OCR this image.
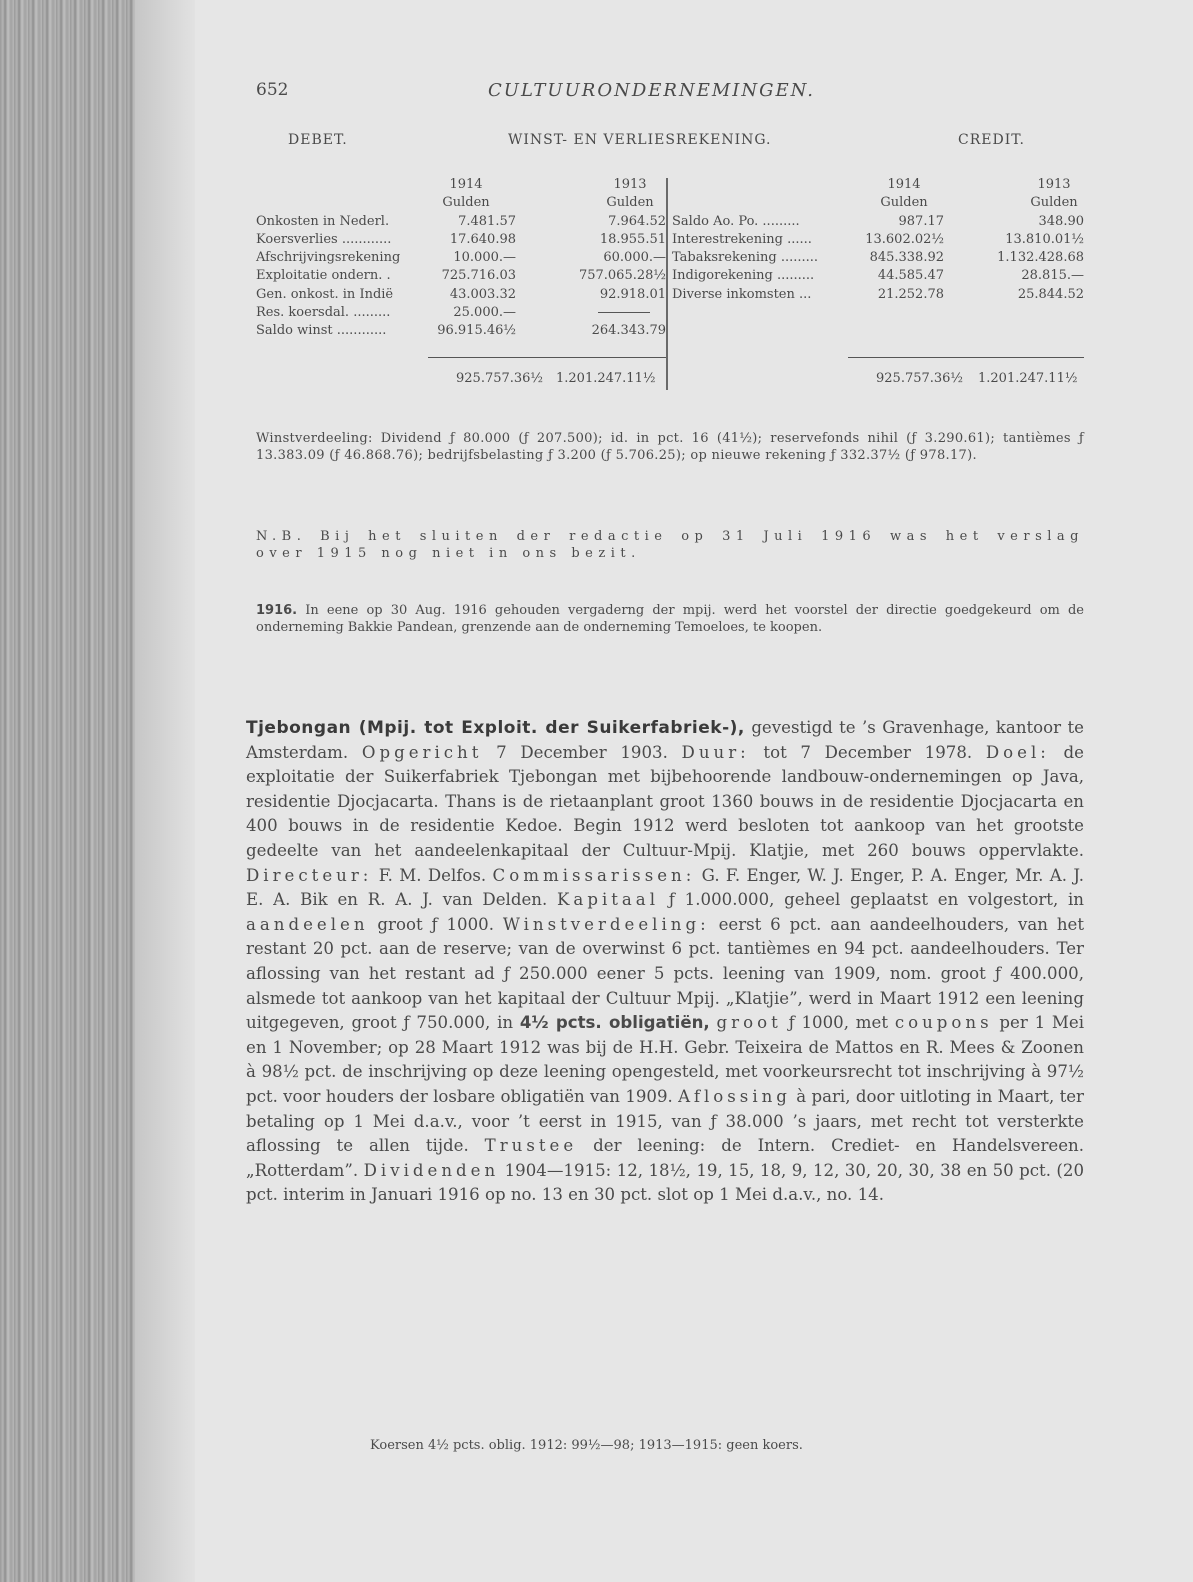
652	CULTUURONDERNEMINGEN.
DEBET.	WINST- EN VERLIESREKENING.	CREDIT.
1914	1913
Gulden	Gulden
Onkosten in Nederl.	7.481.57	7.964.52
Koersverlies ............	17.640.98	18.955.51
Afschrijvingsrekening	10.000.—	60.000.—
Exploitatie ondern. .	725.716.03	757.065.28½
Gen. onkost. in Indië	43.003.32	92.918.01
Res. koersdal. .........	25.000.—
Saldo winst ............	96.915.46½	264.343.79
1914	1913
Gulden	Gulden
Saldo Ao. Po. .........	987.17	348.90
Interestrekening ......	13.602.02½	13.810.01½
Tabaksrekening .........	845.338.92	1.132.428.68
Indigorekening .........	44.585.47	28.815.—
Diverse inkomsten ...	21.252.78	25.844.52
925.757.36½ 1.201.247.11½	925.757.36½ 1.201.247.11½
Winstverdeeling: Dividend ƒ 80.000 (ƒ 207.500); id. in pct. 16 (41½); reservefonds nihil (ƒ 3.290.61); tantièmes ƒ 13.383.09 (ƒ 46.868.76); bedrijfsbelasting ƒ 3.200 (ƒ 5.706.25); op nieuwe rekening ƒ 332.37½ (ƒ 978.17).
N.B. Bij het sluiten der redactie op 31 Juli 1916 was het verslag over 1915 nog niet in ons bezit.
1916. In eene op 30 Aug. 1916 gehouden vergaderng der mpij. werd het voorstel der directie goedgekeurd om de onderneming Bakkie Pandean, grenzende aan de onderneming Temoeloes, te koopen.
Tjebongan (Mpij. tot Exploit. der Suikerfabriek-), gevestigd te ’s Gravenhage, kantoor te Amsterdam. Opgericht 7 December 1903. Duur: tot 7 December 1978. Doel: de exploitatie der Suikerfabriek Tjebongan met bijbehoorende landbouw-ondernemingen op Java, residentie Djocjacarta. Thans is de rietaanplant groot 1360 bouws in de residentie Djocjacarta en 400 bouws in de residentie Kedoe. Begin 1912 werd besloten tot aankoop van het grootste gedeelte van het aandeelenkapitaal der Cultuur-Mpij. Klatjie, met 260 bouws oppervlakte. Directeur: F. M. Delfos. Commissarissen: G. F. Enger, W. J. Enger, P. A. Enger, Mr. A. J. E. A. Bik en R. A. J. van Delden. Kapitaal ƒ 1.000.000, geheel geplaatst en volgestort, in aandeelen groot ƒ 1000. Winstverdeeling: eerst 6 pct. aan aandeelhouders, van het restant 20 pct. aan de reserve; van de overwinst 6 pct. tantièmes en 94 pct. aandeelhouders. Ter aflossing van het restant ad ƒ 250.000 eener 5 pcts. leening van 1909, nom. groot ƒ 400.000, alsmede tot aankoop van het kapitaal der Cultuur Mpij. „Klatjie”, werd in Maart 1912 een leening uitgegeven, groot ƒ 750.000, in 4½ pcts. obligatiën, groot ƒ 1000, met coupons per 1 Mei en 1 November; op 28 Maart 1912 was bij de H.H. Gebr. Teixeira de Mattos en R. Mees & Zoonen à 98½ pct. de inschrijving op deze leening opengesteld, met voorkeursrecht tot inschrijving à 97½ pct. voor houders der losbare obligatiën van 1909. Aflossing à pari, door uitloting in Maart, ter betaling op 1 Mei d.a.v., voor ’t eerst in 1915, van ƒ 38.000 ’s jaars, met recht tot versterkte aflossing te allen tijde. Trustee der leening: de Intern. Crediet- en Handelsvereen. „Rotterdam”. Dividenden 1904—1915: 12, 18½, 19, 15, 18, 9, 12, 30, 20, 30, 38 en 50 pct. (20 pct. interim in Januari 1916 op no. 13 en 30 pct. slot op 1 Mei d.a.v., no. 14.
Koersen 4½ pcts. oblig. 1912: 99½—98; 1913—1915: geen koers.
